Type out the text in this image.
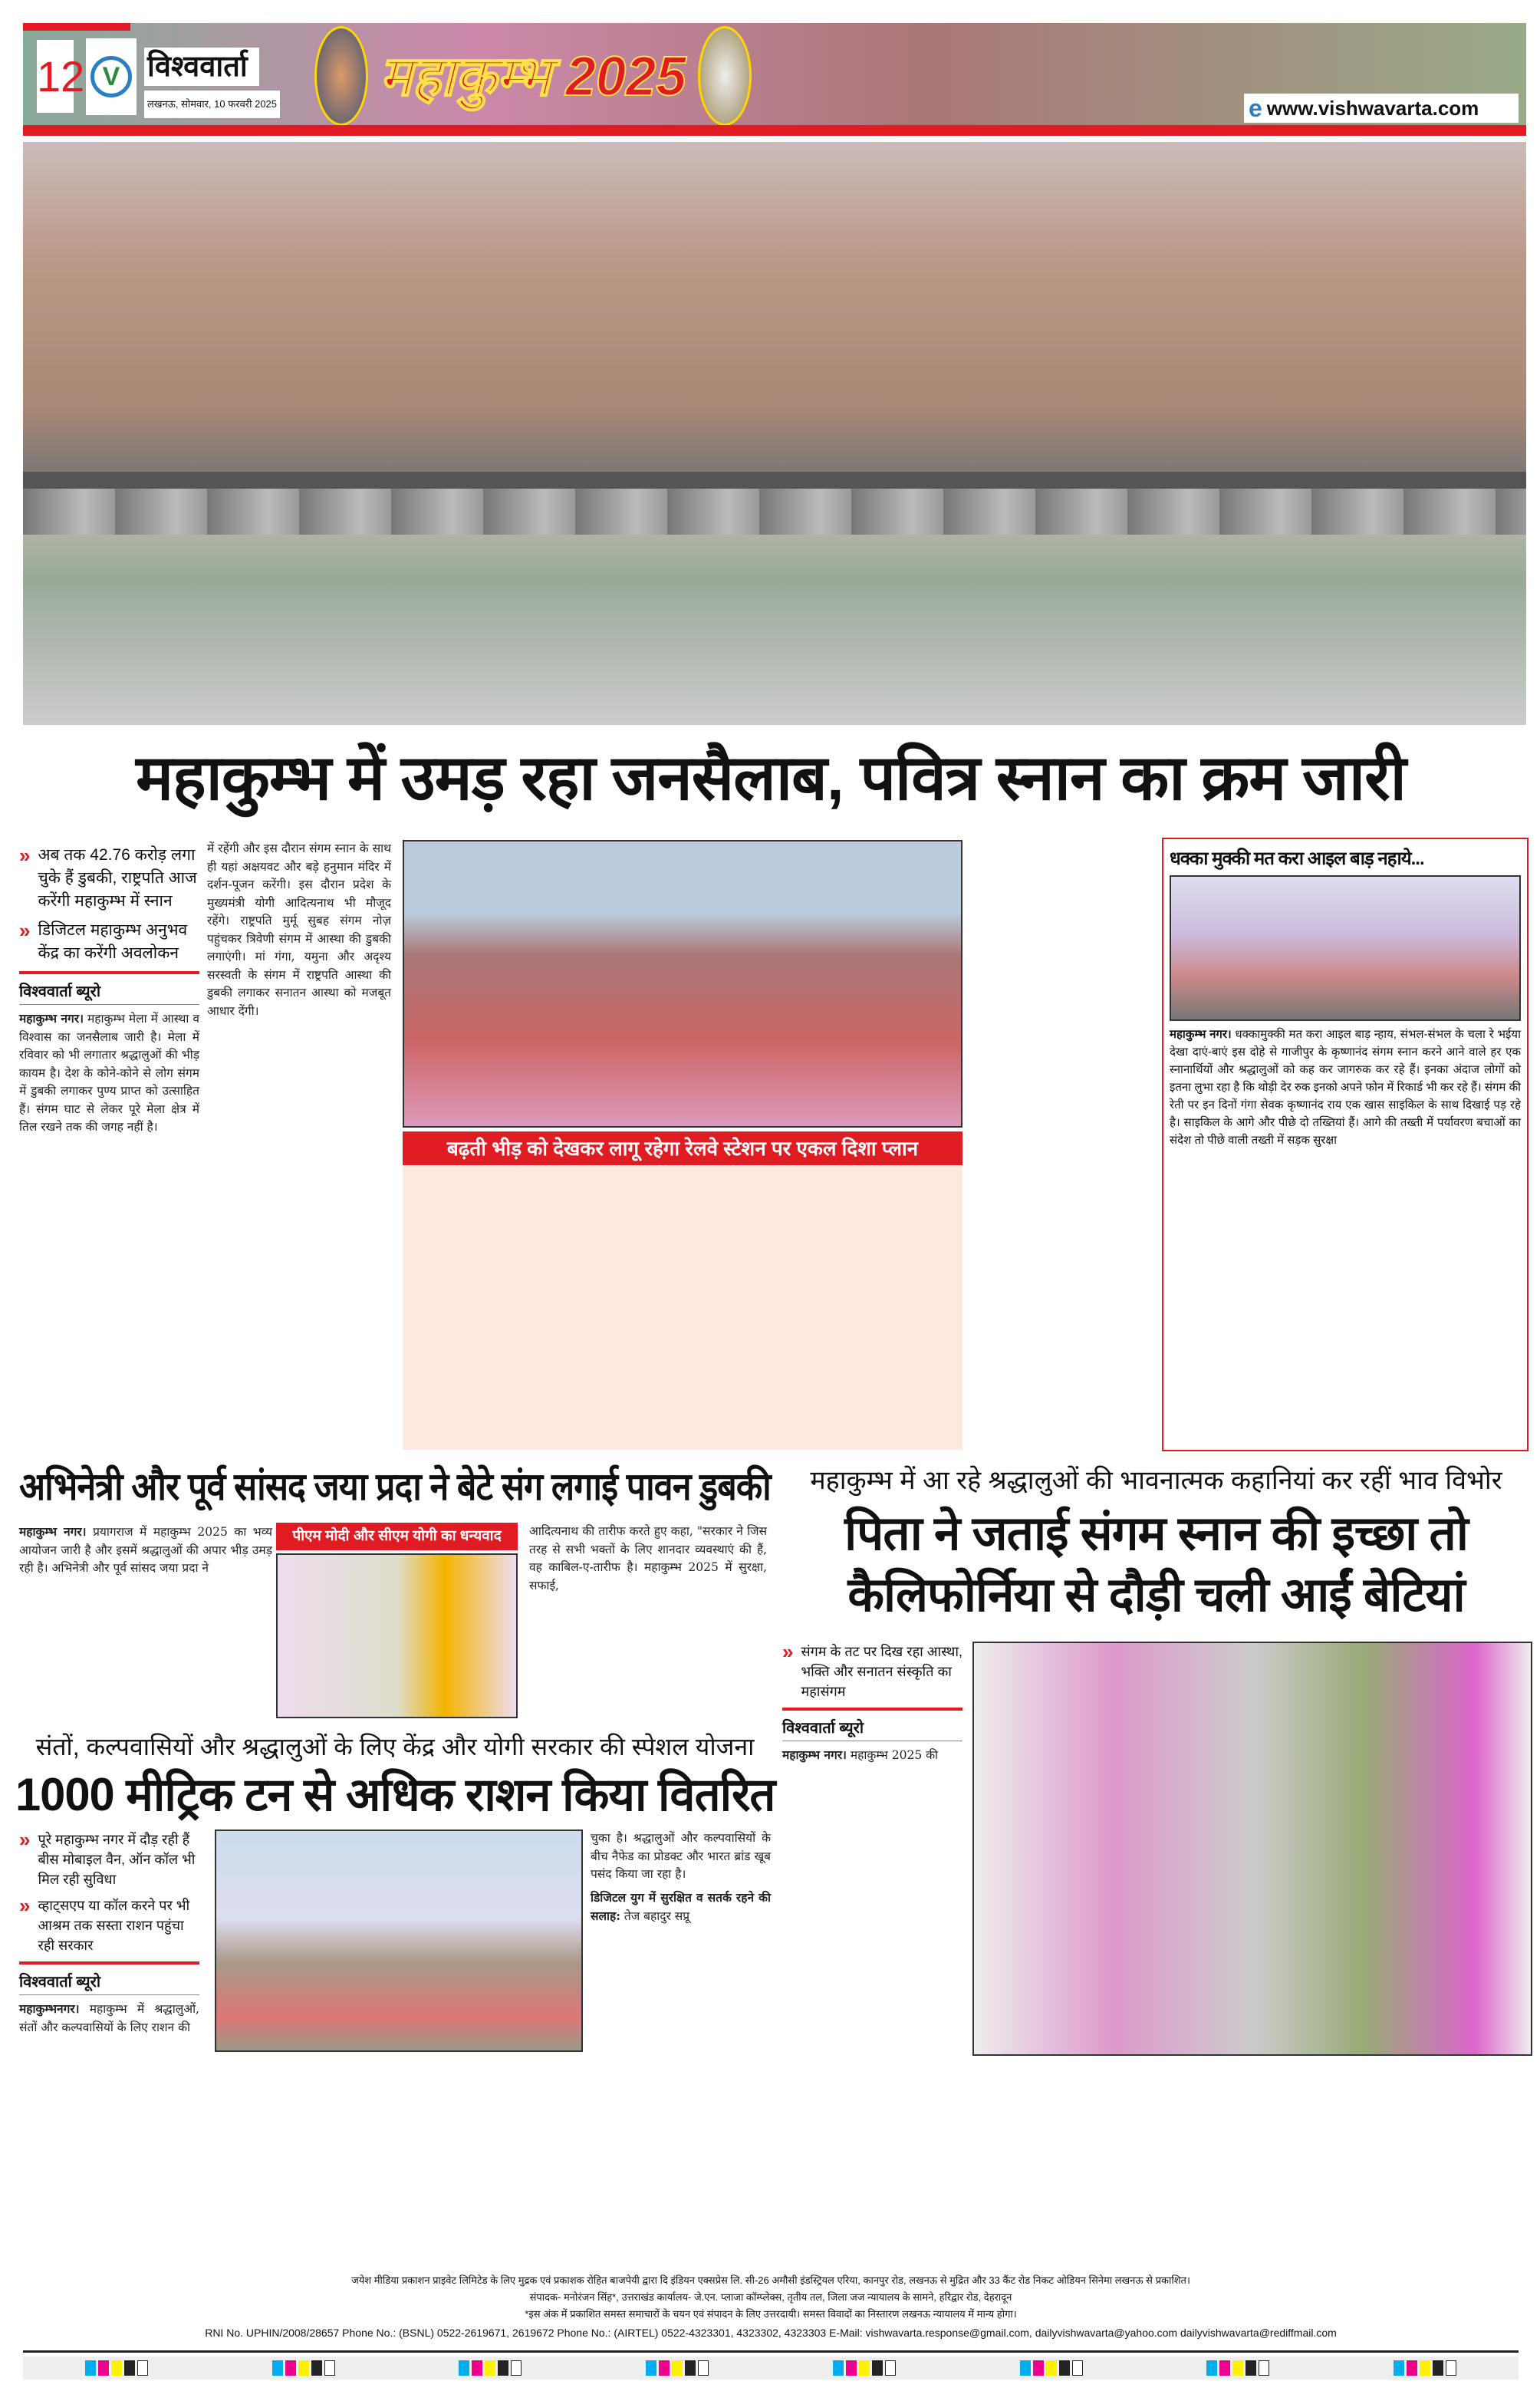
12 V विश्ववार्ता
लखनऊ, सोमवार, 10 फरवरी 2025 महाकुम्भ 2025
e www.vishwavarta.com
महाकुम्भ में उमड़ रहा जनसैलाब, पवित्र स्नान का क्रम जारी
» अब तक 42.76 करोड़ लगा चुके हैं डुबकी, राष्ट्रपति आज करेंगी महाकुम्भ में स्नान
» डिजिटल महाकुम्भ अनुभव केंद्र का करेंगी अवलोकन
विश्ववार्ता ब्यूरो

महाकुम्भ नगर। महाकुम्भ मेला में आस्था व विश्वास का जनसैलाब जारी है। मेला में रविवार को भी लगातार श्रद्धालुओं की भीड़ कायम है। देश के कोने-कोने से लोग संगम में डुबकी लगाकर पुण्य प्राप्त को उत्साहित हैं। संगम घाट से लेकर पूरे मेला क्षेत्र में तिल रखने तक की जगह नहीं है।

में रहेंगी और इस दौरान संगम स्नान के साथ ही यहां अक्षयवट और बड़े हनुमान मंदिर में दर्शन-पूजन करेंगी। इस दौरान प्रदेश के मुख्यमंत्री योगी आदित्यनाथ भी मौजूद रहेंगे। राष्ट्रपति मुर्मू सुबह संगम नोज़ पहुंचकर त्रिवेणी संगम में आस्था की डुबकी लगाएंगी। मां गंगा, यमुना और अदृश्य सरस्वती के संगम में राष्ट्रपति आस्था की डुबकी लगाकर सनातन आस्था को मजबूत आधार देंगी।

बढ़ती भीड़ को देखकर लागू रहेगा रेलवे स्टेशन पर एकल दिशा प्लान
धक्का मुक्की मत करा आइल बाड़ नहाये...

महाकुम्भ नगर। धक्कामुक्की मत करा आइल बाड़ न्हाय, संभल-संभल के चला रे भईया देखा दाएं-बाएं इस दोहे से गाजीपुर के कृष्णानंद संगम स्नान करने आने वाले हर एक स्नानार्थियों और श्रद्धालुओं को कह कर जागरुक कर रहे हैं। इनका अंदाज लोगों को इतना लुभा रहा है कि थोड़ी देर रुक इनको अपने फोन में रिकार्ड भी कर रहे हैं। संगम की रेती पर इन दिनों गंगा सेवक कृष्णानंद राय एक खास साइकिल के साथ दिखाई पड़ रहे है। साइकिल के आगे और पीछे दो तख्तियां हैं। आगे की तख्ती में पर्यावरण बचाओं का संदेश तो पीछे वाली तख्ती में सड़क सुरक्षा

अभिनेत्री और पूर्व सांसद जया प्रदा ने बेटे संग लगाई पावन डुबकी

महाकुम्भ नगर। प्रयागराज में महाकुम्भ 2025 का भव्य आयोजन जारी है और इसमें श्रद्धालुओं की अपार भीड़ उमड़ रही है। अभिनेत्री और पूर्व सांसद जया प्रदा ने

पीएम मोदी और सीएम योगी का धन्यवाद	आदित्यनाथ की तारीफ करते हुए कहा, "सरकार ने जिस तरह से सभी भक्तों के लिए शानदार व्यवस्थाएं की हैं, वह काबिल-ए-तारीफ है। महाकुम्भ 2025 में सुरक्षा, सफाई,

संतों, कल्पवासियों और श्रद्धालुओं के लिए केंद्र और योगी सरकार की स्पेशल योजना
1000 मीट्रिक टन से अधिक राशन किया वितरित
» पूरे महाकुम्भ नगर में दौड़ रही हैं बीस मोबाइल वैन, ऑन कॉल भी मिल रही सुविधा
» व्हाट्सएप या कॉल करने पर भी आश्रम तक सस्ता राशन पहुंचा रही सरकार
विश्ववार्ता ब्यूरो

महाकुम्भनगर। महाकुम्भ में श्रद्धालुओं, संतों और कल्पवासियों के लिए राशन की

चुका है। श्रद्धालुओं और कल्पवासियों के बीच नैफेड का प्रोडक्ट और भारत ब्रांड खूब पसंद किया जा रहा है।

डिजिटल युग में सुरक्षित व सतर्क रहने की सलाह: तेज बहादुर सप्रू

महाकुम्भ में आ रहे श्रद्धालुओं की भावनात्मक कहानियां कर रहीं भाव विभोर
पिता ने जताई संगम स्नान की इच्छा तो कैलिफोर्निया से दौड़ी चली आईं बेटियां
» संगम के तट पर दिख रहा आस्था, भक्ति और सनातन संस्कृति का महासंगम
विश्ववार्ता ब्यूरो

महाकुम्भ नगर। महाकुम्भ 2025 की

जयेश मीडिया प्रकाशन प्राइवेट लिमिटेड के लिए मुद्रक एवं प्रकाशक रोहित बाजपेयी द्वारा दि इंडियन एक्सप्रेस लि. सी-26 अमौसी इंडस्ट्रियल एरिया, कानपुर रोड, लखनऊ से मुद्रित और 33 कैंट रोड निकट ओडियन सिनेमा लखनऊ से प्रकाशित।
संपादक- मनोरंजन सिंह*, उत्तराखंड कार्यालय- जे.एन. प्लाजा कॉम्प्लेक्स, तृतीय तल, जिला जज न्यायालय के सामने, हरिद्वार रोड, देहरादून
*इस अंक में प्रकाशित समस्त समाचारों के चयन एवं संपादन के लिए उत्तरदायी। समस्त विवादों का निस्तारण लखनऊ न्यायालय में मान्य होगा।
RNI No. UPHIN/2008/28657 Phone No.: (BSNL) 0522-2619671, 2619672 Phone No.: (AIRTEL) 0522-4323301, 4323302, 4323303 E-Mail: vishwavarta.response@gmail.com, dailyvishwavarta@yahoo.com dailyvishwavarta@rediffmail.com
